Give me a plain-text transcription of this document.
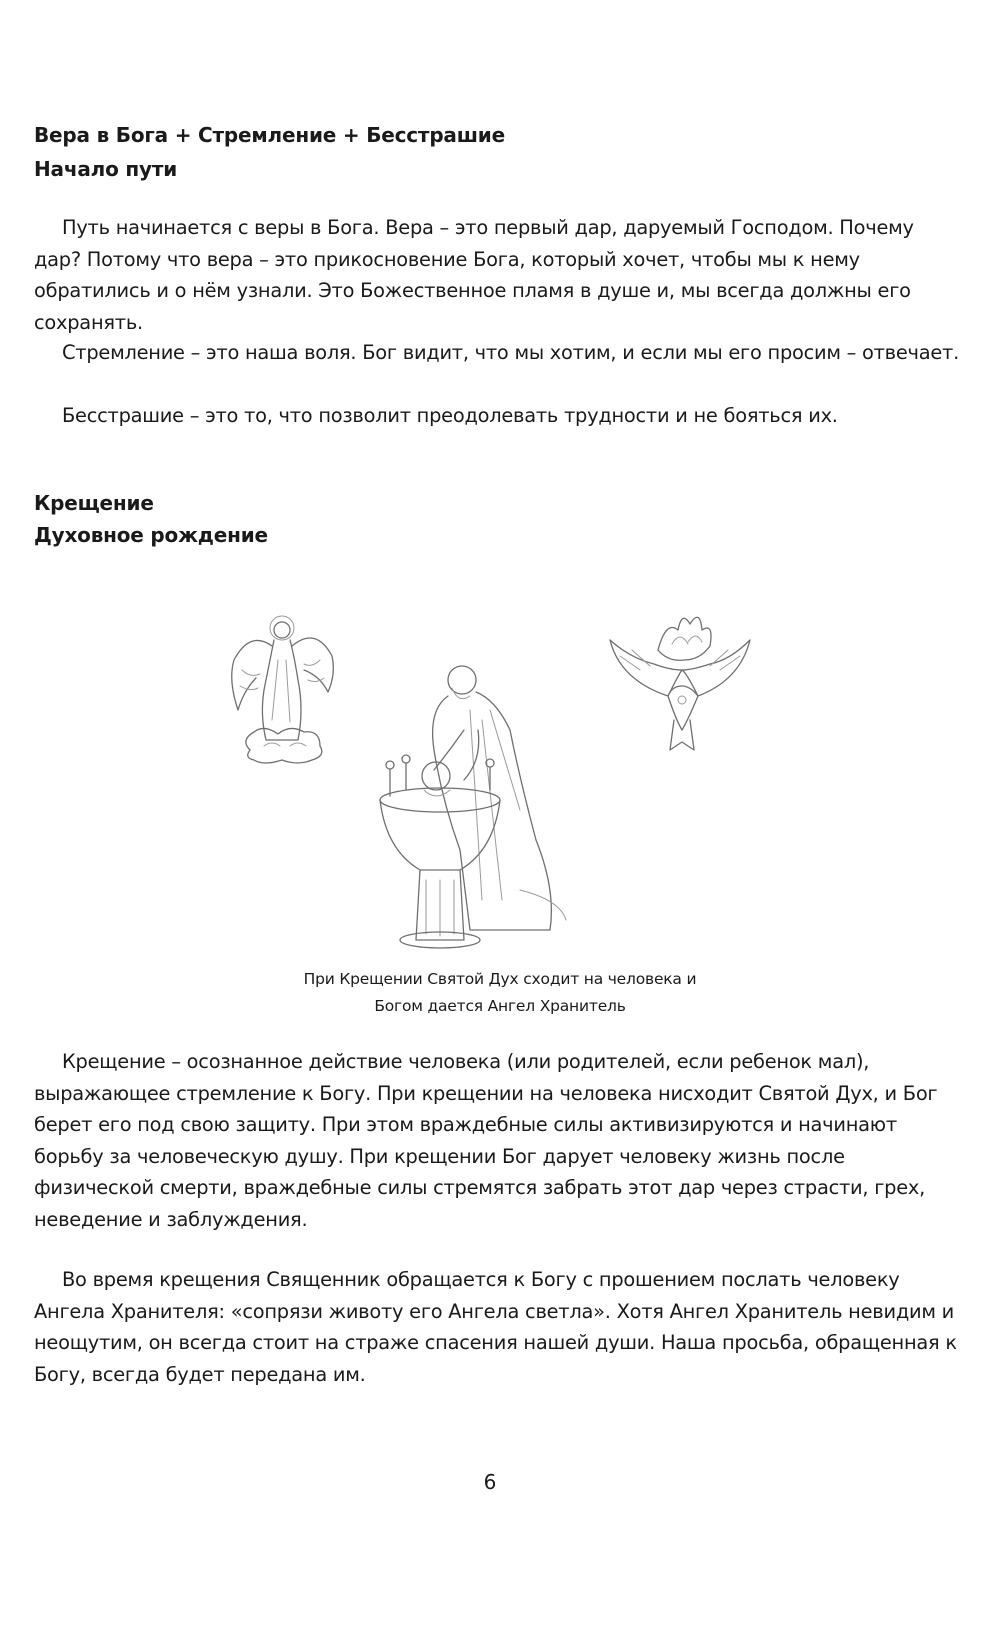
Вера в Бога + Стремление + Бесстрашие
Начало пути

Путь начинается с веры в Бога. Вера – это первый дар, даруемый Господом. Почему дар? Потому что вера – это прикосновение Бога, который хочет, чтобы мы к нему обратились и о нём узнали. Это Божественное пламя в душе и, мы всегда должны его сохранять.

Стремление – это наша воля. Бог видит, что мы хотим, и если мы его просим – отвечает.

Бесстрашие – это то, что позволит преодолевать трудности и не бояться их.

Крещение
Духовное рождение

При Крещении Святой Дух сходит на человека и

Богом дается Ангел Хранитель

Крещение – осознанное действие человека (или родителей, если ребенок мал), выражающее стремление к Богу. При крещении на человека нисходит Святой Дух, и Бог берет его под свою защиту. При этом враждебные силы активизируются и начинают борьбу за человеческую душу. При крещении Бог дарует человеку жизнь после физической смерти, враждебные силы стремятся забрать этот дар через страсти, грех, неведение и заблуждения.

Во время крещения Священник обращается к Богу с прошением послать человеку Ангела Хранителя: «сопрязи животу его Ангела светла». Хотя Ангел Хранитель невидим и неощутим, он всегда стоит на страже спасения нашей души. Наша просьба, обращенная к Богу, всегда будет передана им.

6
